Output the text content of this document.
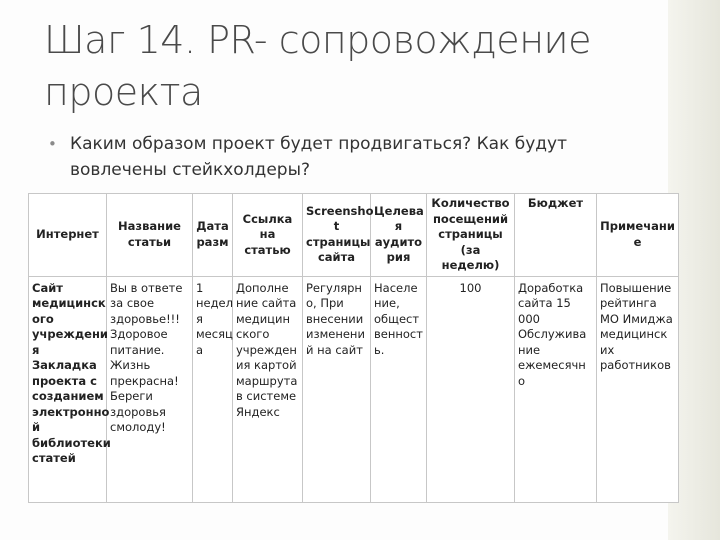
Шаг 14. PR- сопровождение проекта
• Каким образом проект будет продвигаться? Как будут вовлечены стейкхолдеры?
Интернет	Название статьи	Дата разм	Ссылка на статью	Screensho t страницы сайта	Целева я аудито рия	Количество посещений страницы (за неделю)	Бюджет	Примечани е
Сайт медицинск ого учреждени я Закладка проекта с созданием электронно й библиотеки статей	Вы в ответе за свое здоровье!!! Здоровое питание. Жизнь прекрасна! Береги здоровья смолоду!	1 недел я месяц а	Дополне ние сайта медицин ского учрежден ия картой маршрута в системе Яндекс	Регулярн о, При внесении изменени й на сайт	Населе ние, общест венност ь.	100	Доработка сайта 15 000 Обслужива ние ежемесячн о	Повышение рейтинга МО Имиджа медицинск их работников
